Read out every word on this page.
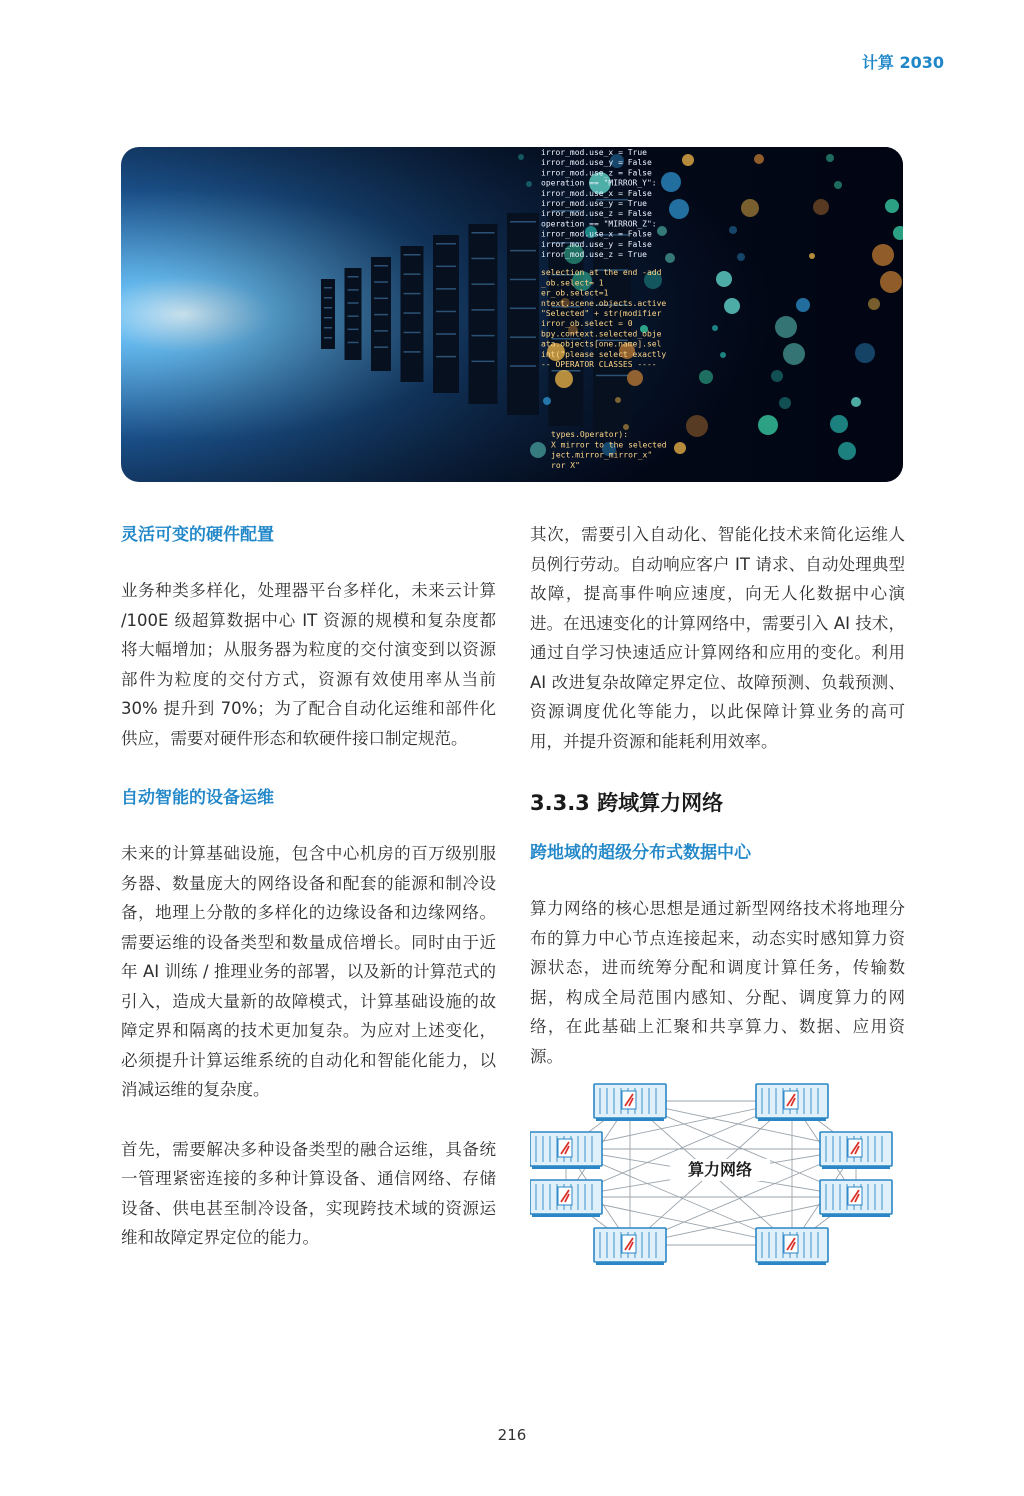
计算 2030
irror_mod.use_x = True
irror_mod.use_y = False
irror_mod.use_z = False
operation == "MIRROR_Y":
irror_mod.use_x = False
irror_mod.use_y = True
irror_mod.use_z = False
operation == "MIRROR_Z":
irror_mod.use_x = False
irror_mod.use_y = False
irror_mod.use_z = True
selection at the end -add
_ob.select= 1
er_ob.select=1
ntext.scene.objects.active
"Selected" + str(modifier
irror_ob.select = 0
bpy.context.selected_obje
ata.objects[one.name].sel
int("please select exactly
-- OPERATOR CLASSES ----
types.Operator):
X mirror to the selected
ject.mirror_mirror_x"
ror X"

灵活可变的硬件配置

业务种类多样化，处理器平台多样化，未来云计算 /100E 级超算数据中心 IT 资源的规模和复杂度都将大幅增加；从服务器为粒度的交付演变到以资源部件为粒度的交付方式，资源有效使用率从当前 30% 提升到 70%；为了配合自动化运维和部件化供应，需要对硬件形态和软硬件接口制定规范。

自动智能的设备运维

未来的计算基础设施，包含中心机房的百万级别服务器、数量庞大的网络设备和配套的能源和制冷设备，地理上分散的多样化的边缘设备和边缘网络。需要运维的设备类型和数量成倍增长。同时由于近年 AI 训练 / 推理业务的部署，以及新的计算范式的引入，造成大量新的故障模式，计算基础设施的故障定界和隔离的技术更加复杂。为应对上述变化，必须提升计算运维系统的自动化和智能化能力，以消减运维的复杂度。

首先，需要解决多种设备类型的融合运维，具备统一管理紧密连接的多种计算设备、通信网络、存储设备、供电甚至制冷设备，实现跨技术域的资源运维和故障定界定位的能力。

其次，需要引入自动化、智能化技术来简化运维人员例行劳动。自动响应客户 IT 请求、自动处理典型故障，提高事件响应速度，向无人化数据中心演进。在迅速变化的计算网络中，需要引入 AI 技术，通过自学习快速适应计算网络和应用的变化。利用 AI 改进复杂故障定界定位、故障预测、负载预测、资源调度优化等能力，以此保障计算业务的高可用，并提升资源和能耗利用效率。

3.3.3 跨域算力网络

跨地域的超级分布式数据中心

算力网络的核心思想是通过新型网络技术将地理分布的算力中心节点连接起来，动态实时感知算力资源状态，进而统筹分配和调度计算任务，传输数据，构成全局范围内感知、分配、调度算力的网络，在此基础上汇聚和共享算力、数据、应用资源。

算力网络
216
